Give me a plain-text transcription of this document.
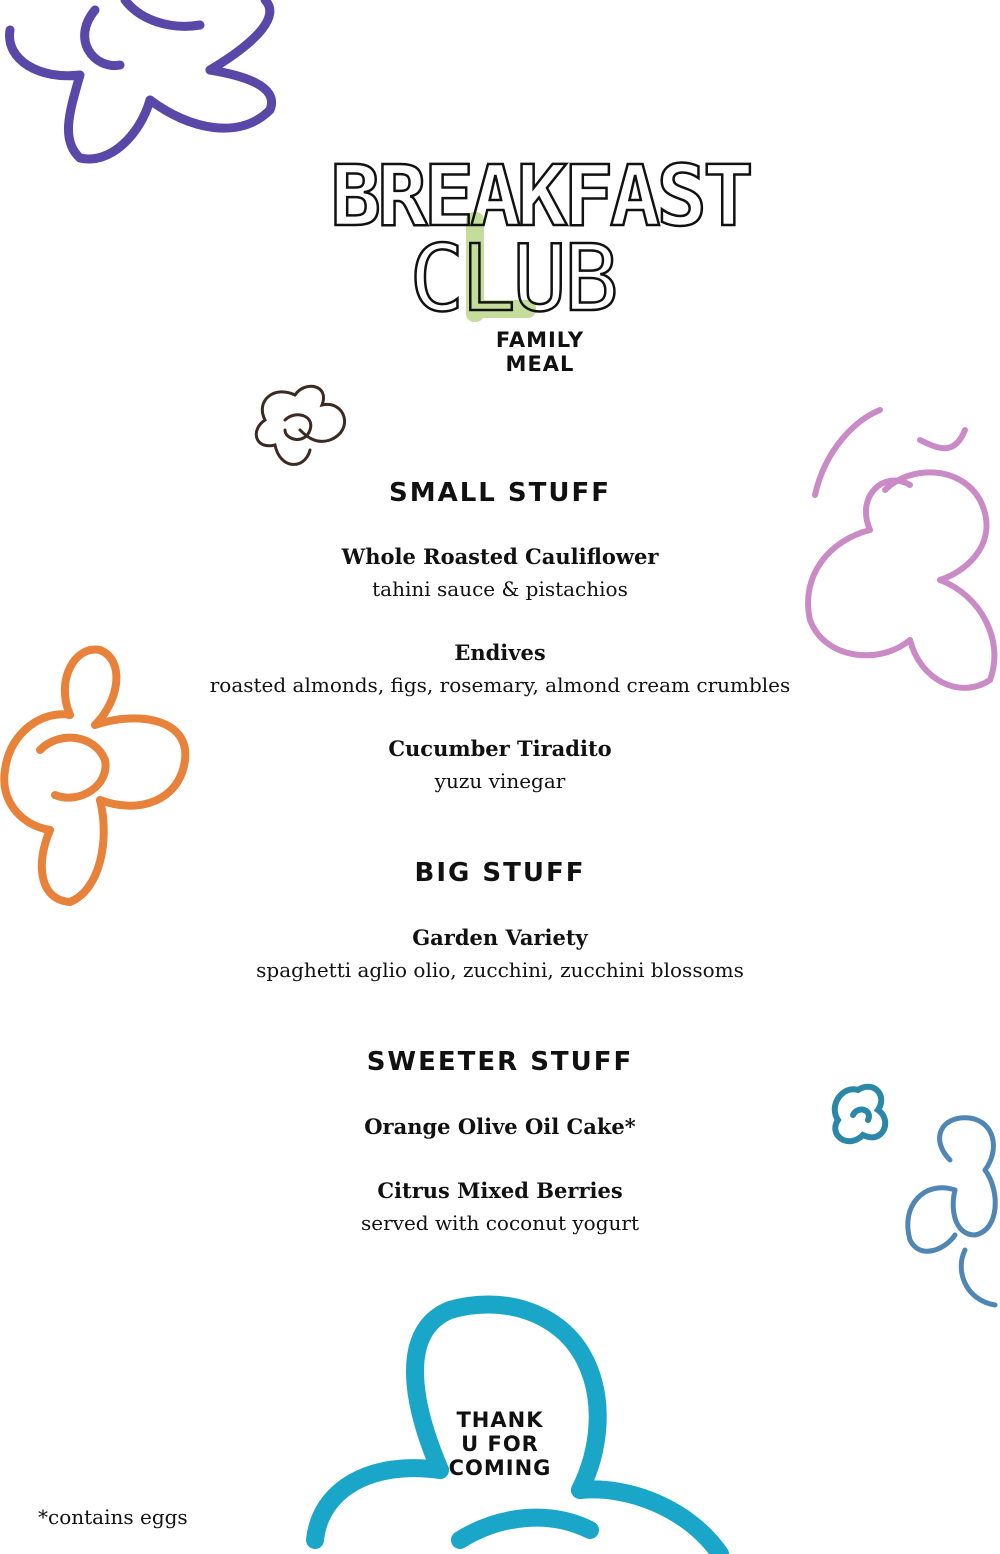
BREAKFAST
CLUB
FAMILY
MEAL
SMALL STUFF
Whole Roasted Cauliflower
tahini sauce & pistachios
Endives
roasted almonds, figs, rosemary, almond cream crumbles
Cucumber Tiradito
yuzu vinegar
BIG STUFF
Garden Variety
spaghetti aglio olio, zucchini, zucchini blossoms
SWEETER STUFF
Orange Olive Oil Cake*
Citrus Mixed Berries
served with coconut yogurt
THANK
U FOR
COMING
*contains eggs
